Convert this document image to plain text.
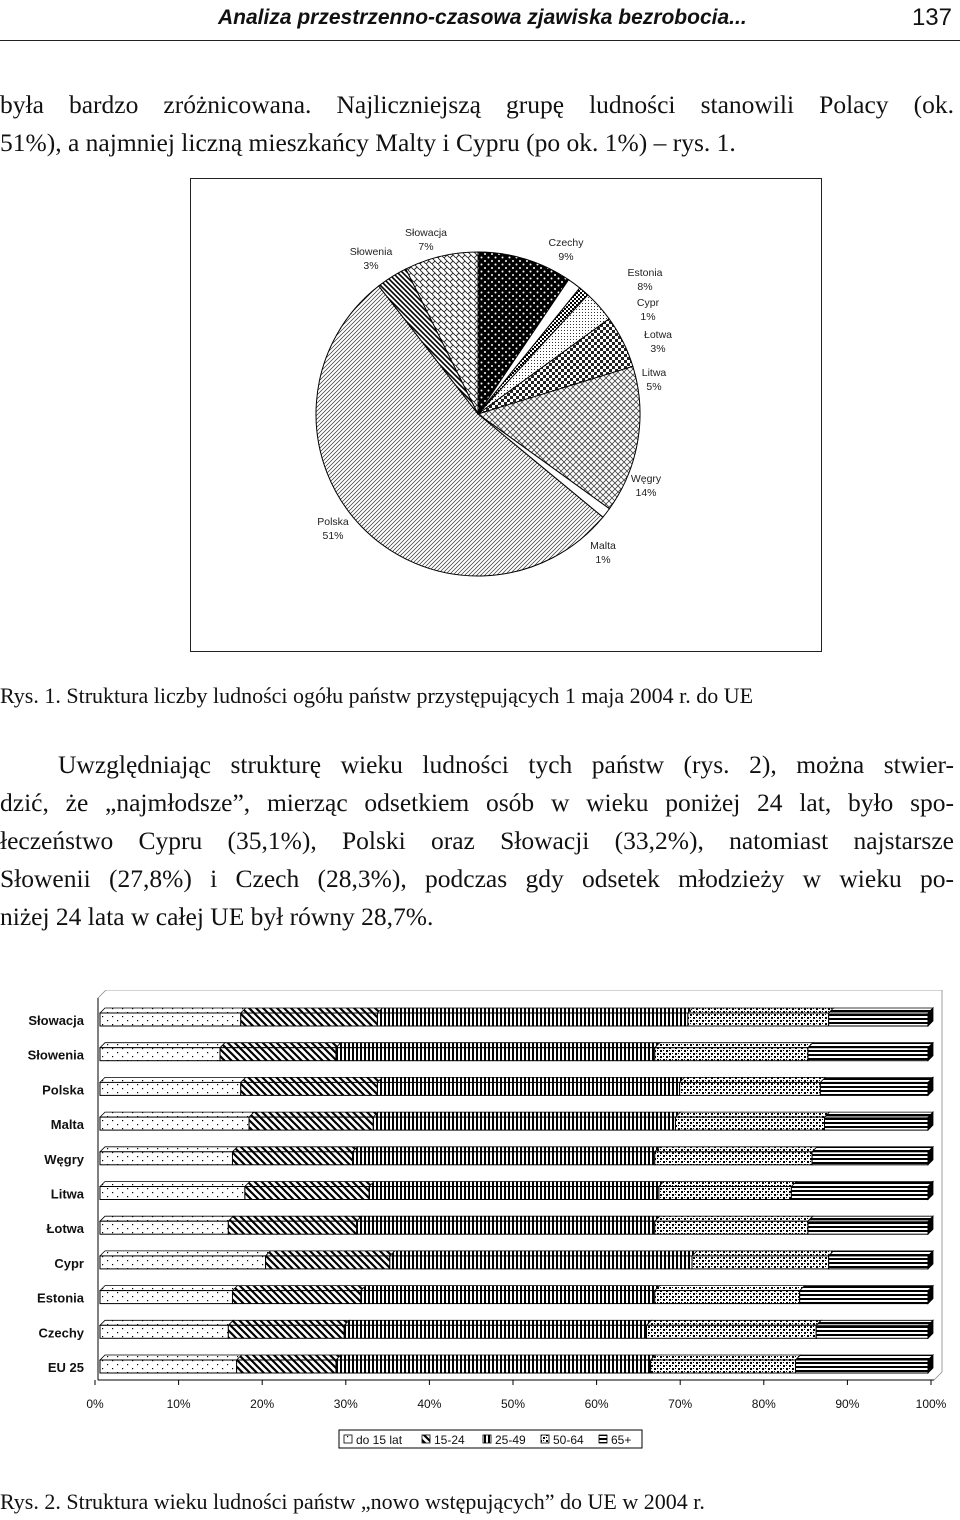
Analiza przestrzenno-czasowa zjawiska bezrobocia...	137
była bardzo zróżnicowana. Najliczniejszą grupę ludności stanowili Polacy (ok.
51%), a najmniej liczną mieszkańcy Malty i Cypru (po ok. 1%) – rys. 1.
Czechy
9%
Estonia
8%
Cypr
1%
Łotwa
3%
Litwa
5%
Węgry
14%
Malta
1%
Polska
51%
Słowenia
3%
Słowacja
7%
Rys. 1. Struktura liczby ludności ogółu państw przystępujących 1 maja 2004 r. do UE
Uwzględniając strukturę wieku ludności tych państw (rys. 2), można stwier-
dzić, że „najmłodsze”, mierząc odsetkiem osób w wieku poniżej 24 lat, było spo-
łeczeństwo Cypru (35,1%), Polski oraz Słowacji (33,2%), natomiast najstarsze
Słowenii (27,8%) i Czech (28,3%), podczas gdy odsetek młodzieży w wieku po-
niżej 24 lata w całej UE był równy 28,7%.
Słowacja
Słowenia
Polska
Malta
Węgry
Litwa
Łotwa
Cypr
Estonia
Czechy
EU 25
0%	10%	20%	30%	40%	50%	60%	70%	80%	90%	100%
do 15 lat	15-24	25-49 50-64 65+
Rys. 2. Struktura wieku ludności państw „nowo wstępujących” do UE w 2004 r.
